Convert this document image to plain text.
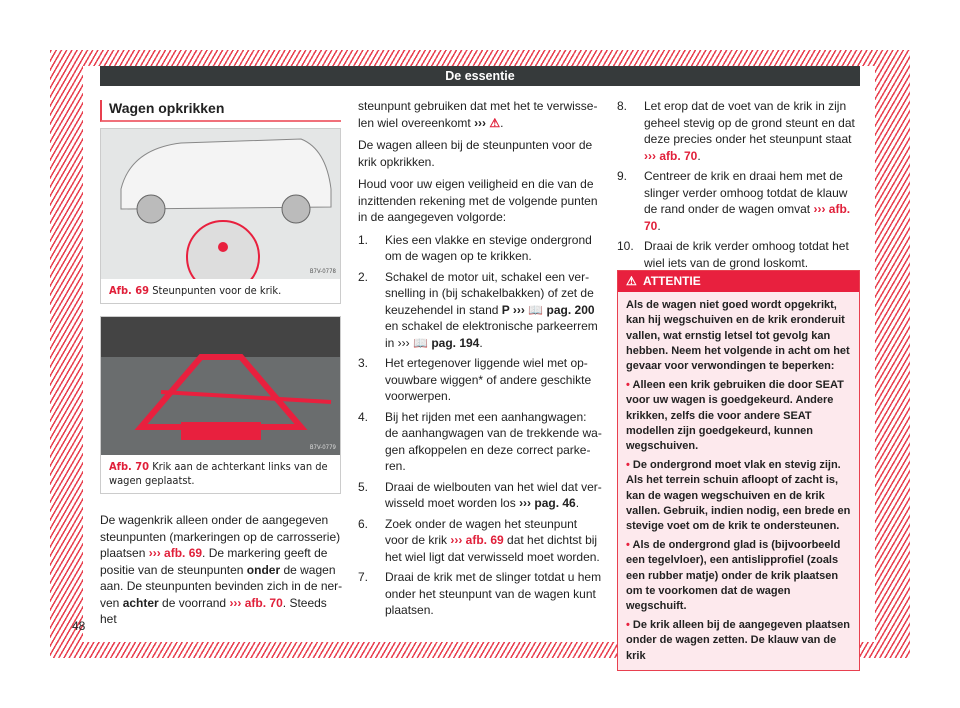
De essentie
Wagen opkrikken
B7V-0778
Afb. 69 Steunpunten voor de krik.
B7V-0779
Afb. 70 Krik aan de achterkant links van de wagen geplaatst.
De wagenkrik alleen onder de aangegeven steunpunten (markeringen op de carrosserie) plaatsen ››› afb. 69. De markering geeft de positie van de steunpunten onder de wagen aan. De steunpunten bevinden zich in de nerven achter de voorrand ››› afb. 70. Steeds het

steunpunt gebruiken dat met het te verwisselen wiel overeenkomt ››› ⚠.

De wagen alleen bij de steunpunten voor de krik opkrikken.

Houd voor uw eigen veiligheid en die van de inzittenden rekening met de volgende punten in de aangegeven volgorde:

1. Kies een vlakke en stevige ondergrond om de wagen op te krikken.
2. Schakel de motor uit, schakel een versnelling in (bij schakelbakken) of zet de keuzehendel in stand P ››› 📖 pag. 200 en schakel de elektronische parkeerrem in ››› 📖 pag. 194.
3. Het ertegenover liggende wiel met opvouwbare wiggen* of andere geschikte voorwerpen.
4. Bij het rijden met een aanhangwagen: de aanhangwagen van de trekkende wagen afkoppelen en deze correct parkeren.
5. Draai de wielbouten van het wiel dat verwisseld moet worden los ››› pag. 46.
6. Zoek onder de wagen het steunpunt voor de krik ››› afb. 69 dat het dichtst bij het wiel ligt dat verwisseld moet worden.
7. Draai de krik met de slinger totdat u hem onder het steunpunt van de wagen kunt plaatsen.
8. Let erop dat de voet van de krik in zijn geheel stevig op de grond steunt en dat deze precies onder het steunpunt staat ››› afb. 70.
9. Centreer de krik en draai hem met de slinger verder omhoog totdat de klauw de rand onder de wagen omvat ››› afb. 70.
10. Draai de krik verder omhoog totdat het wiel iets van de grond loskomt.
⚠ ATTENTIE

Als de wagen niet goed wordt opgekrikt, kan hij wegschuiven en de krik eronderuit vallen, wat ernstig letsel tot gevolg kan hebben. Neem het volgende in acht om het gevaar voor verwondingen te beperken:

• Alleen een krik gebruiken die door SEAT voor uw wagen is goedgekeurd. Andere krikken, zelfs die voor andere SEAT modellen zijn goedgekeurd, kunnen wegschuiven.

• De ondergrond moet vlak en stevig zijn. Als het terrein schuin afloopt of zacht is, kan de wagen wegschuiven en de krik vallen. Gebruik, indien nodig, een brede en stevige voet om de krik te ondersteunen.

• Als de ondergrond glad is (bijvoorbeeld een tegelvloer), een antislipprofiel (zoals een rubber matje) onder de krik plaatsen om te voorkomen dat de wagen wegschuift.

• De krik alleen bij de aangegeven plaatsen onder de wagen zetten. De klauw van de krik

48
